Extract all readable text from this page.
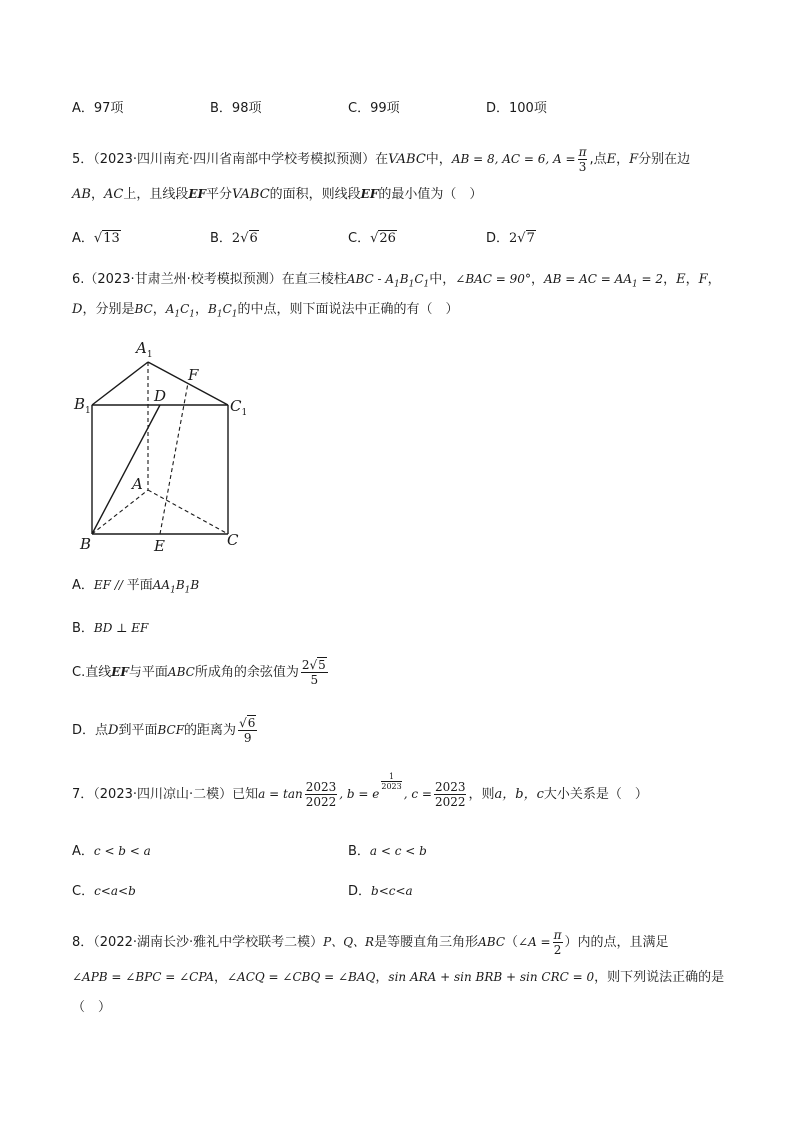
A．97项	B．98项	C．99项	D．100项
5．（2023·四川南充·四川省南部中学校考模拟预测）在VABC中，AB = 8, AC = 6, $A = \frac{\pi}{3}$ ,点E，F分别在边
AB，AC上，且线段EF平分VABC的面积，则线段EF的最小值为（　）
A．√13	B．2√6	C．√26	D．2√7
6.（2023·甘肃兰州·校考模拟预测）在直三棱柱ABC - $A_1B_1C_1$中，∠BAC = 90°，AB = AC = $AA_1 = 2$，E，F，
D，分别是BC，$A_1C_1$，$B_1C_1$的中点，则下面说法中正确的有（　）
$A_1$
$B_1$	$C_1$
D
F
A
B	C
E
A．EF // 平面$AA_1B_1B$
B．BD ⊥ EF
C.直线EF与平面ABC所成角的余弦值为 $\frac{2√5}{5}$
D．点D到平面BCF的距离为 $\frac{√6}{9}$
7．（2023·四川凉山·二模）已知$a = \tan \frac{2023}{2022}$ , b = e
$\frac{1}{2023}$
, $c = \frac{2023}{2022}$ ，则a，b，c大小关系是（　）
A．c < b < a	B．a < c < b
C．c<a<b	D．b<c<a
8．（2022·湖南长沙·雅礼中学校联考二模）P、Q、R是等腰直角三角形ABC（∠A = $\frac{\pi}{2}$ ）内的点，且满足
∠APB = ∠BPC = ∠CPA，∠ACQ = ∠CBQ = ∠BAQ，sin ARA + sin BRB + sin CRC = 0，则下列说法正确的是
（　）
